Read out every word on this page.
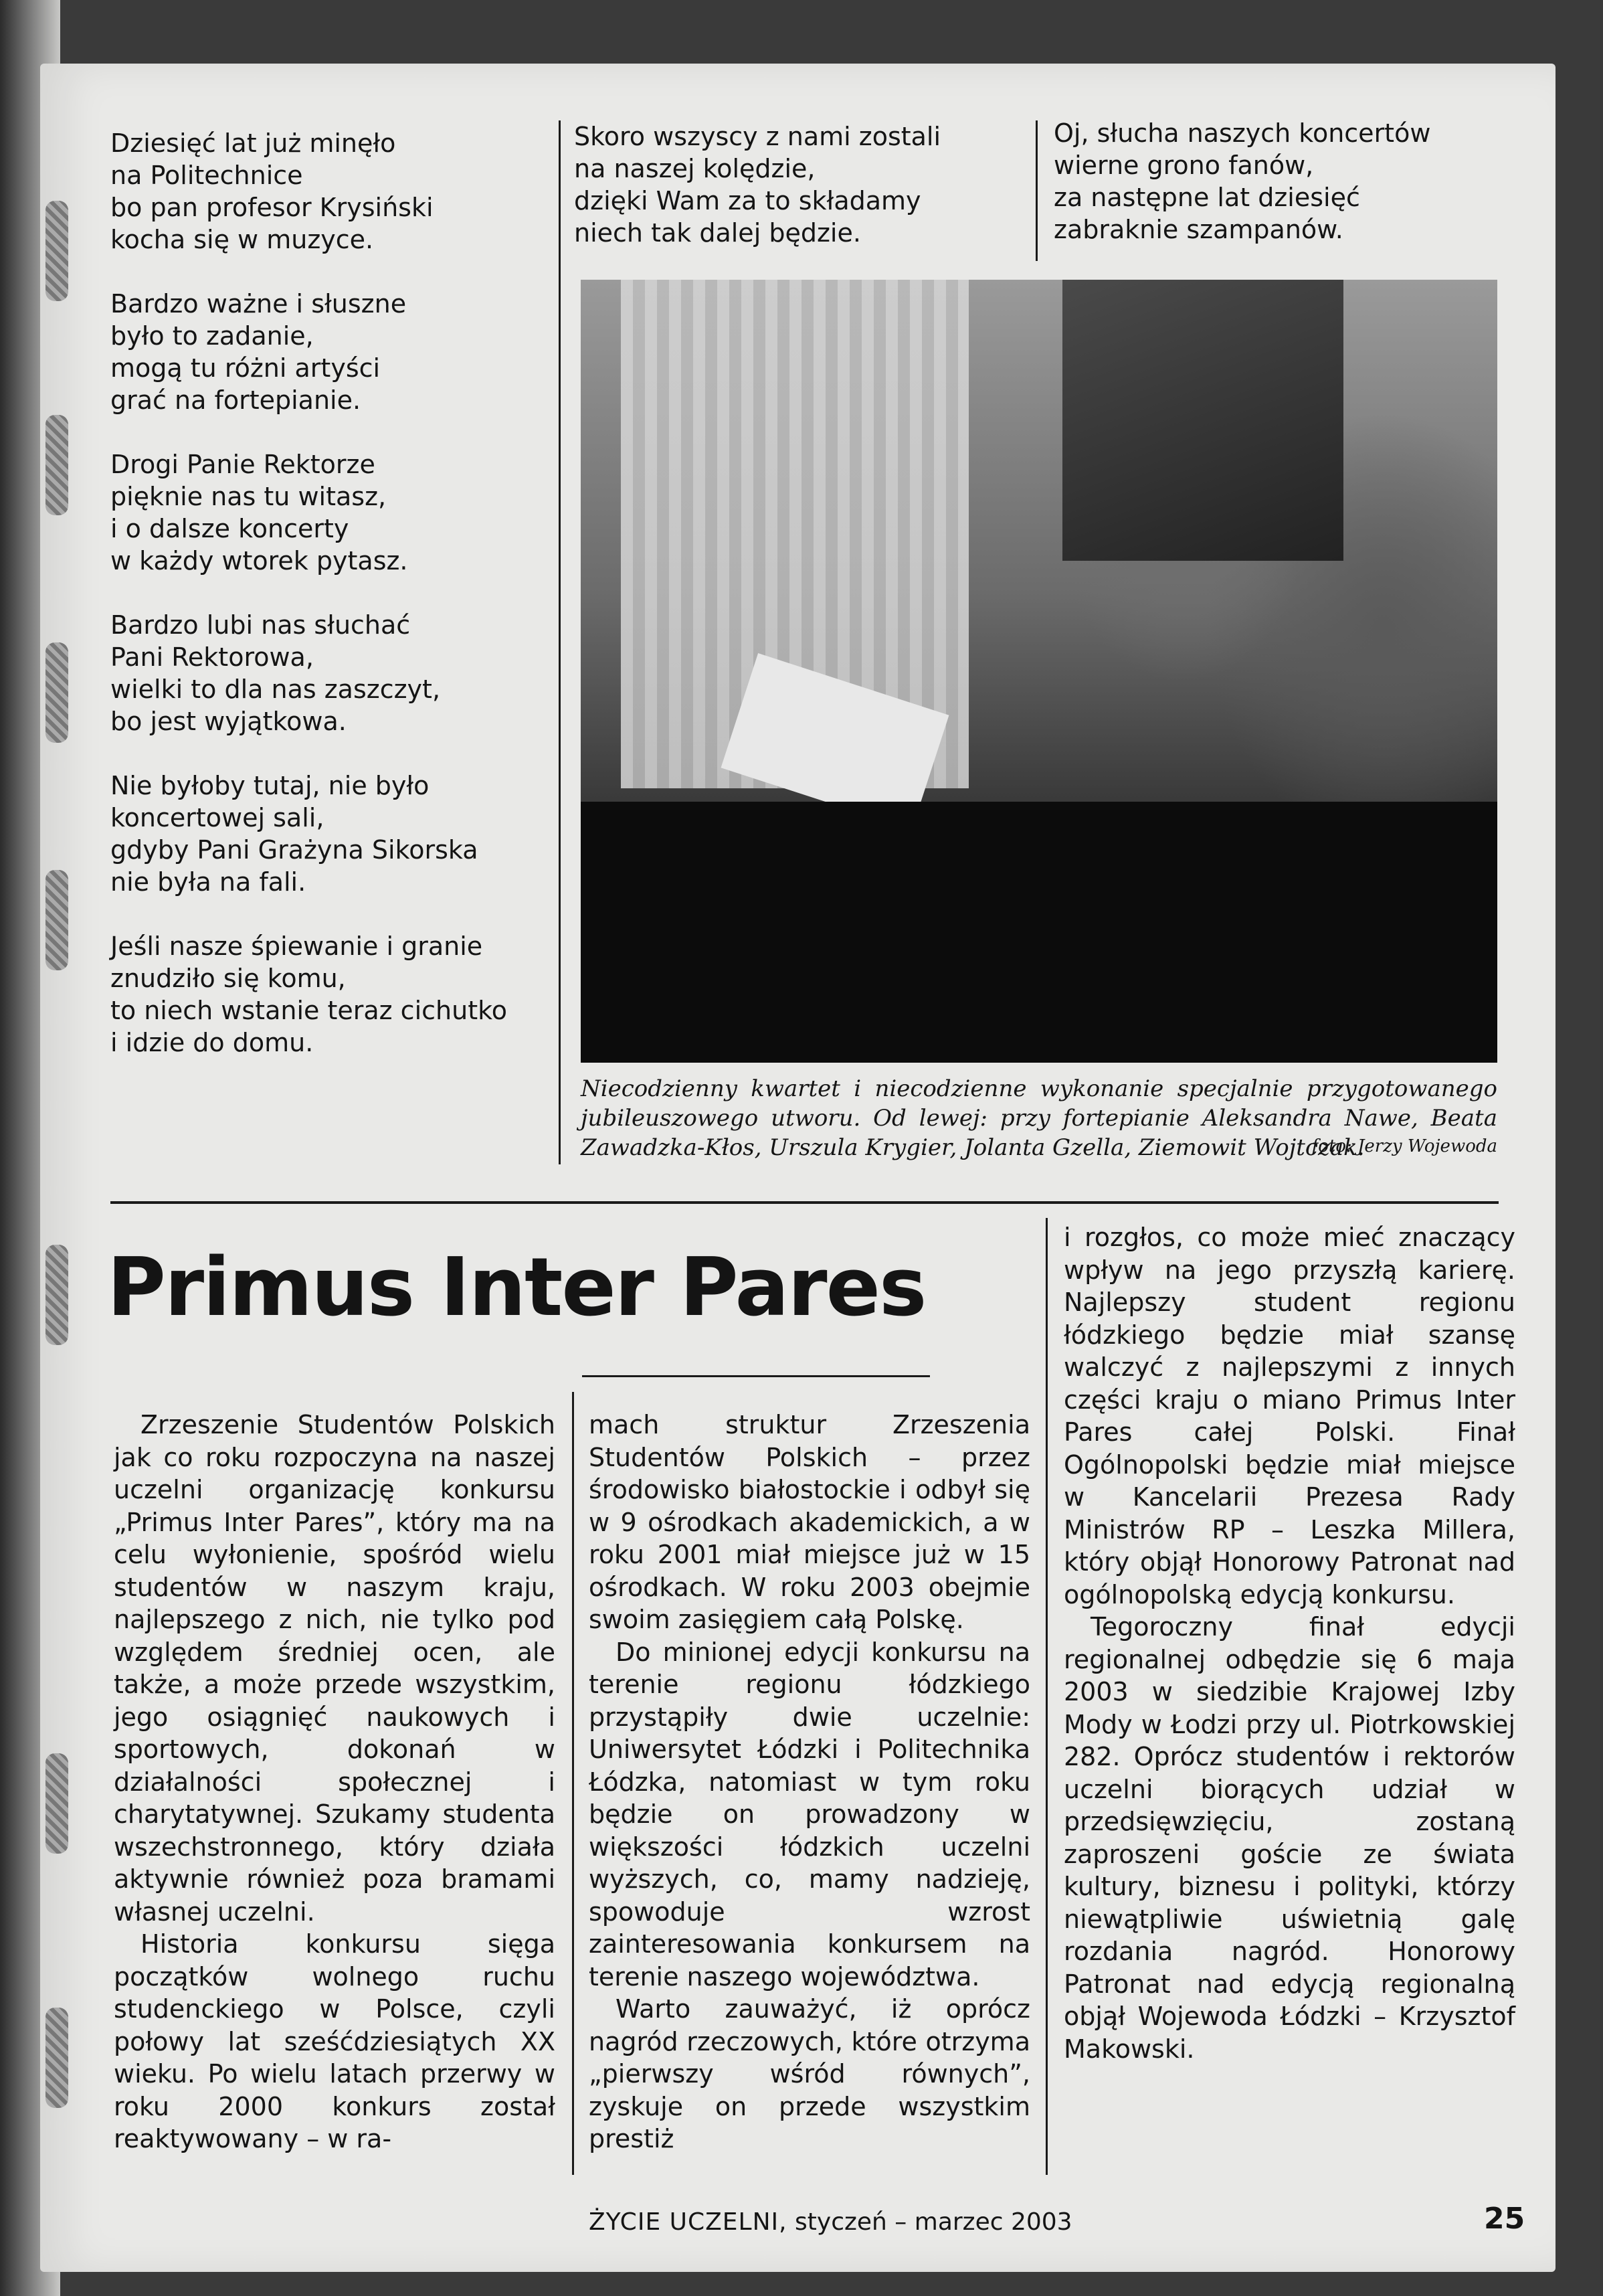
Dziesięć lat już minęło
na Politechnice
bo pan profesor Krysiński
kocha się w muzyce.
Bardzo ważne i słuszne
było to zadanie,
mogą tu różni artyści
grać na fortepianie.
Drogi Panie Rektorze
pięknie nas tu witasz,
i o dalsze koncerty
w każdy wtorek pytasz.
Bardzo lubi nas słuchać
Pani Rektorowa,
wielki to dla nas zaszczyt,
bo jest wyjątkowa.
Nie byłoby tutaj, nie było
koncertowej sali,
gdyby Pani Grażyna Sikorska
nie była na fali.
Jeśli nasze śpiewanie i granie
znudziło się komu,
to niech wstanie teraz cichutko
i idzie do domu.
Skoro wszyscy z nami zostali
na naszej kolędzie,
dzięki Wam za to składamy
niech tak dalej będzie.
Oj, słucha naszych koncertów
wierne grono fanów,
za następne lat dziesięć
zabraknie szampanów.
Niecodzienny kwartet i niecodzienne wykonanie specjalnie przygotowanego jubileuszowego utworu. Od lewej: przy fortepianie Aleksandra Nawe, Beata Zawadzka-Kłos, Urszula Krygier, Jolanta Gzella, Ziemowit Wojtczak.
foto: Jerzy Wojewoda
Primus Inter Pares

Zrzeszenie Studentów Polskich jak co roku rozpoczyna na naszej uczelni organizację konkursu „Primus Inter Pares”, który ma na celu wyłonienie, spośród wielu studentów w naszym kraju, najlepszego z nich, nie tylko pod względem średniej ocen, ale także, a może przede wszystkim, jego osiągnięć naukowych i sportowych, dokonań w działalności społecznej i charytatywnej. Szukamy studenta wszechstronnego, który działa aktywnie również poza bramami własnej uczelni.

Historia konkursu sięga początków wolnego ruchu studenckiego w Polsce, czyli połowy lat sześćdziesiątych XX wieku. Po wielu latach przerwy w roku 2000 konkurs został reaktywowany – w ra-

mach struktur Zrzeszenia Studentów Polskich – przez środowisko białostockie i odbył się w 9 ośrodkach akademickich, a w roku 2001 miał miejsce już w 15 ośrodkach. W roku 2003 obejmie swoim zasięgiem całą Polskę.

Do minionej edycji konkursu na terenie regionu łódzkiego przystąpiły dwie uczelnie: Uniwersytet Łódzki i Politechnika Łódzka, natomiast w tym roku będzie on prowadzony w większości łódzkich uczelni wyższych, co, mamy nadzieję, spowoduje wzrost zainteresowania konkursem na terenie naszego województwa.

Warto zauważyć, iż oprócz nagród rzeczowych, które otrzyma „pierwszy wśród równych”, zyskuje on przede wszystkim prestiż

i rozgłos, co może mieć znaczący wpływ na jego przyszłą karierę. Najlepszy student regionu łódzkiego będzie miał szansę walczyć z najlepszymi z innych części kraju o miano Primus Inter Pares całej Polski. Finał Ogólnopolski będzie miał miejsce w Kancelarii Prezesa Rady Ministrów RP – Leszka Millera, który objął Honorowy Patronat nad ogólnopolską edycją konkursu.

Tegoroczny finał edycji regionalnej odbędzie się 6 maja 2003 w siedzibie Krajowej Izby Mody w Łodzi przy ul. Piotrkowskiej 282. Oprócz studentów i rektorów uczelni biorących udział w przedsięwzięciu, zostaną zaproszeni goście ze świata kultury, biznesu i polityki, którzy niewątpliwie uświetnią galę rozdania nagród. Honorowy Patronat nad edycją regionalną objął Wojewoda Łódzki – Krzysztof Makowski.

ŻYCIE UCZELNI, styczeń – marzec 2003	25
